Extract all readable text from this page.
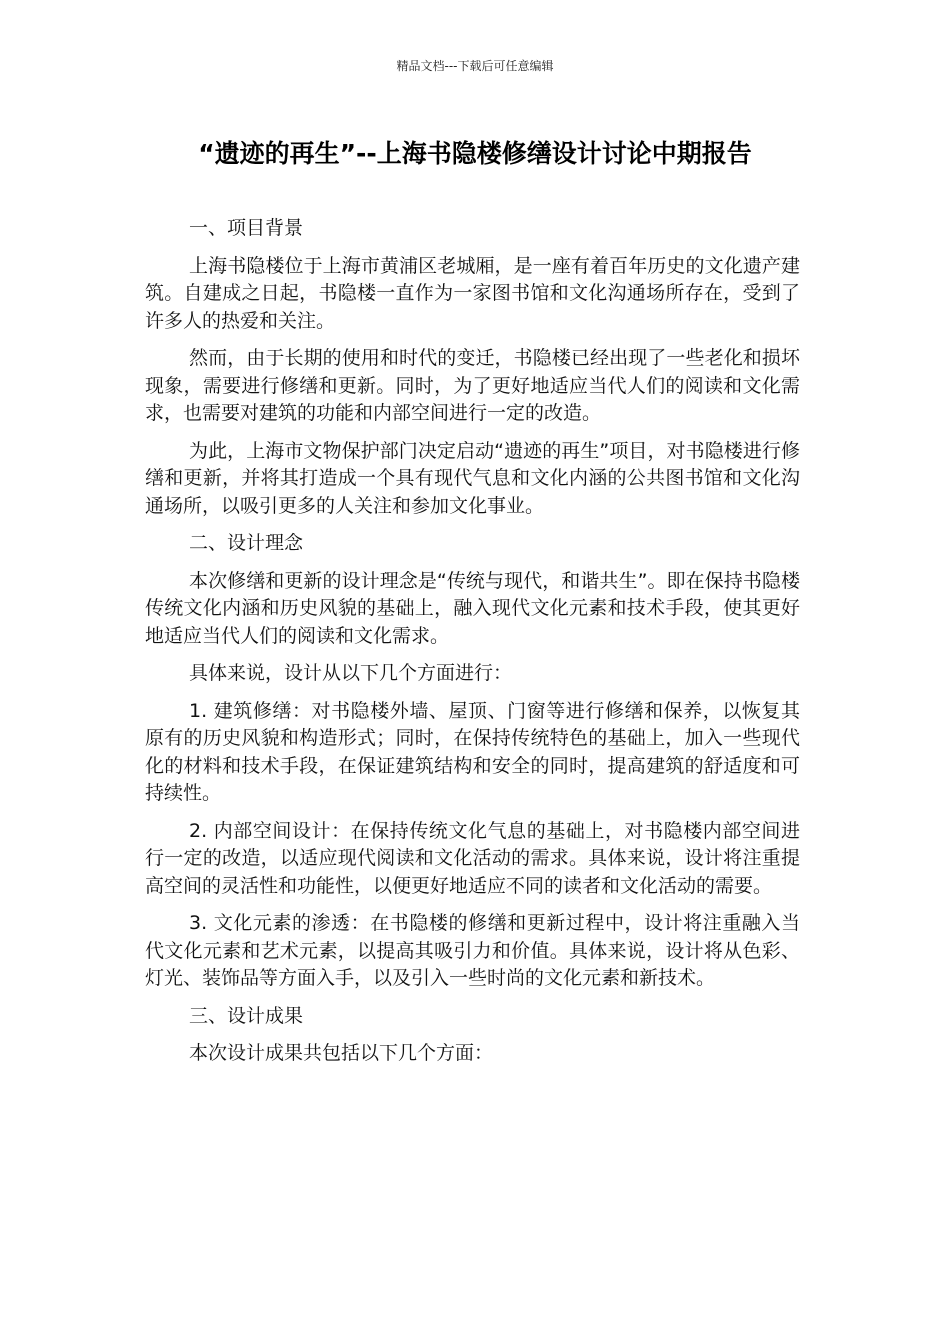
精品文档---下载后可任意编辑
“遗迹的再生”--上海书隐楼修缮设计讨论中期报告

一、项目背景

上海书隐楼位于上海市黄浦区老城厢，是一座有着百年历史的文化遗产建筑。自建成之日起，书隐楼一直作为一家图书馆和文化沟通场所存在，受到了许多人的热爱和关注。

然而，由于长期的使用和时代的变迁，书隐楼已经出现了一些老化和损坏现象，需要进行修缮和更新。同时，为了更好地适应当代人们的阅读和文化需求，也需要对建筑的功能和内部空间进行一定的改造。

为此，上海市文物保护部门决定启动“遗迹的再生”项目，对书隐楼进行修缮和更新，并将其打造成一个具有现代气息和文化内涵的公共图书馆和文化沟通场所，以吸引更多的人关注和参加文化事业。

二、设计理念

本次修缮和更新的设计理念是“传统与现代，和谐共生”。即在保持书隐楼传统文化内涵和历史风貌的基础上，融入现代文化元素和技术手段，使其更好地适应当代人们的阅读和文化需求。

具体来说，设计从以下几个方面进行：

1. 建筑修缮：对书隐楼外墙、屋顶、门窗等进行修缮和保养，以恢复其原有的历史风貌和构造形式；同时，在保持传统特色的基础上，加入一些现代化的材料和技术手段，在保证建筑结构和安全的同时，提高建筑的舒适度和可持续性。

2. 内部空间设计：在保持传统文化气息的基础上，对书隐楼内部空间进行一定的改造，以适应现代阅读和文化活动的需求。具体来说，设计将注重提高空间的灵活性和功能性，以便更好地适应不同的读者和文化活动的需要。

3. 文化元素的渗透：在书隐楼的修缮和更新过程中，设计将注重融入当代文化元素和艺术元素，以提高其吸引力和价值。具体来说，设计将从色彩、灯光、装饰品等方面入手，以及引入一些时尚的文化元素和新技术。

三、设计成果

本次设计成果共包括以下几个方面：
